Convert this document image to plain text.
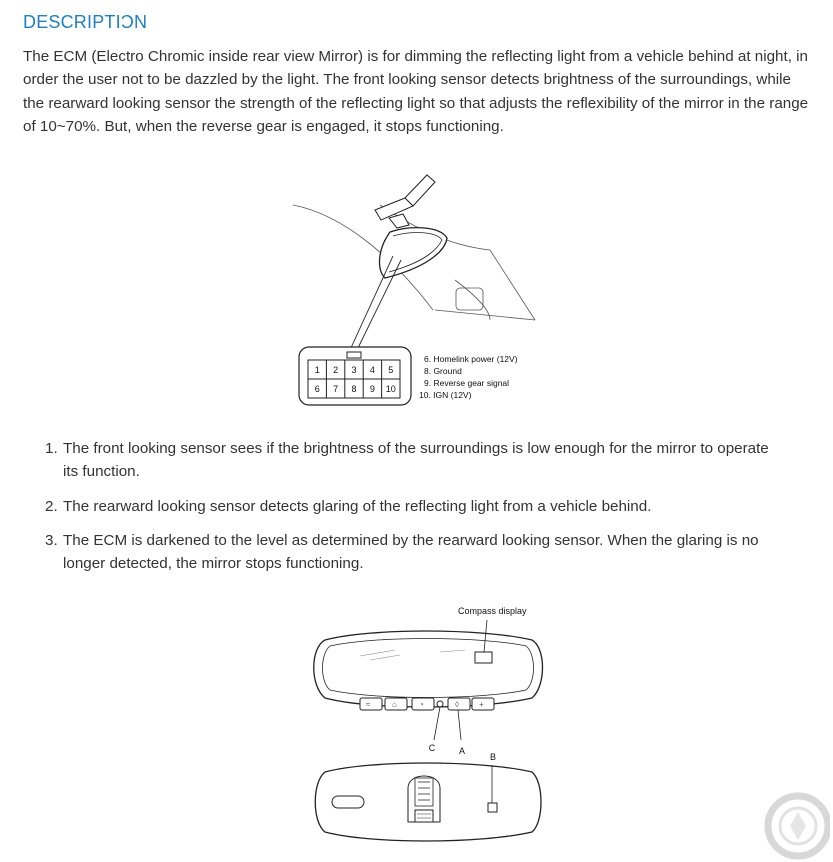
DESCRIPTIϽN
The ECM (Electro Chromic inside rear view Mirror) is for dimming the reflecting light from a vehicle behind at night, in order the user not to be dazzled by the light. The front looking sensor detects brightness of the surroundings, while the rearward looking sensor the strength of the reflecting light so that adjusts the reflexibility of the mirror in the range of 10~70%. But, when the reverse gear is engaged, it stops functioning.
1 2 3 4 5
6 7 8 9 10
6. Homelink power (12V)
8. Ground
9. Reverse gear signal
10. IGN (12V)
1. The front looking sensor sees if the brightness of the surroundings is low enough for the mirror to operate its function.
2. The rearward looking sensor detects glaring of the reflecting light from a vehicle behind.
3. The ECM is darkened to the level as determined by the rearward looking sensor. When the glaring is no longer detected, the mirror stops functioning.
Compass display
≈	⌂	◔	◊	+
C	A
B
